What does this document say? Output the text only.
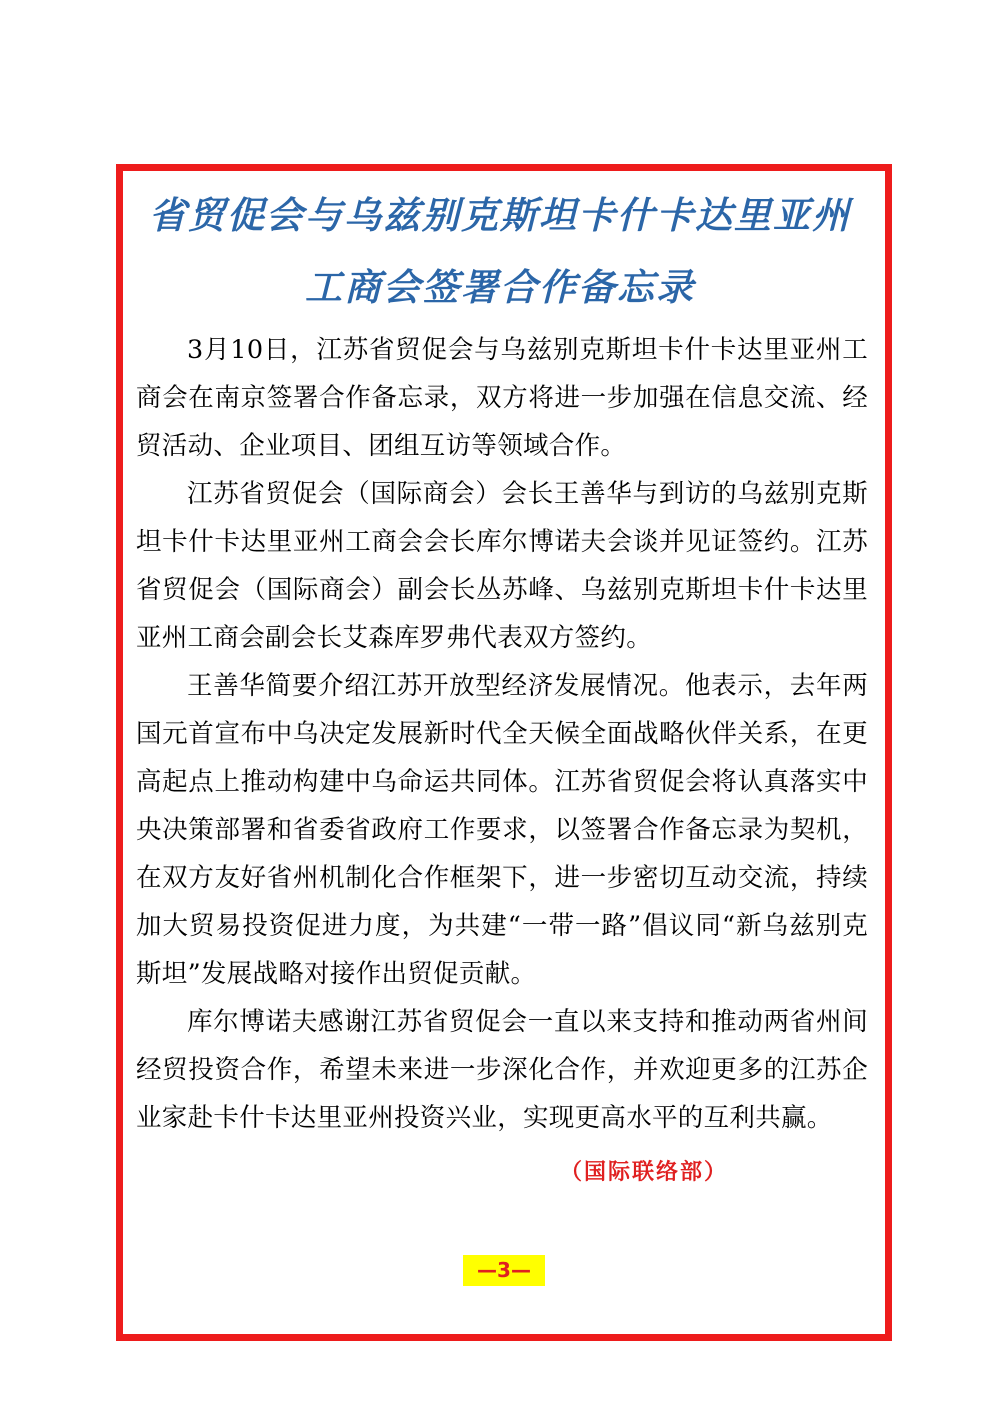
省贸促会与乌兹别克斯坦卡什卡达里亚州
工商会签署合作备忘录

3月10日，江苏省贸促会与乌兹别克斯坦卡什卡达里亚州工商会在南京签署合作备忘录，双方将进一步加强在信息交流、经贸活动、企业项目、团组互访等领域合作。

江苏省贸促会（国际商会）会长王善华与到访的乌兹别克斯坦卡什卡达里亚州工商会会长库尔博诺夫会谈并见证签约。江苏省贸促会（国际商会）副会长丛苏峰、乌兹别克斯坦卡什卡达里亚州工商会副会长艾森库罗弗代表双方签约。

王善华简要介绍江苏开放型经济发展情况。他表示，去年两国元首宣布中乌决定发展新时代全天候全面战略伙伴关系，在更高起点上推动构建中乌命运共同体。江苏省贸促会将认真落实中央决策部署和省委省政府工作要求，以签署合作备忘录为契机，在双方友好省州机制化合作框架下，进一步密切互动交流，持续加大贸易投资促进力度，为共建“一带一路”倡议同“新乌兹别克斯坦”发展战略对接作出贸促贡献。

库尔博诺夫感谢江苏省贸促会一直以来支持和推动两省州间经贸投资合作，希望未来进一步深化合作，并欢迎更多的江苏企业家赴卡什卡达里亚州投资兴业，实现更高水平的互利共赢。

（国际联络部）

—3—
